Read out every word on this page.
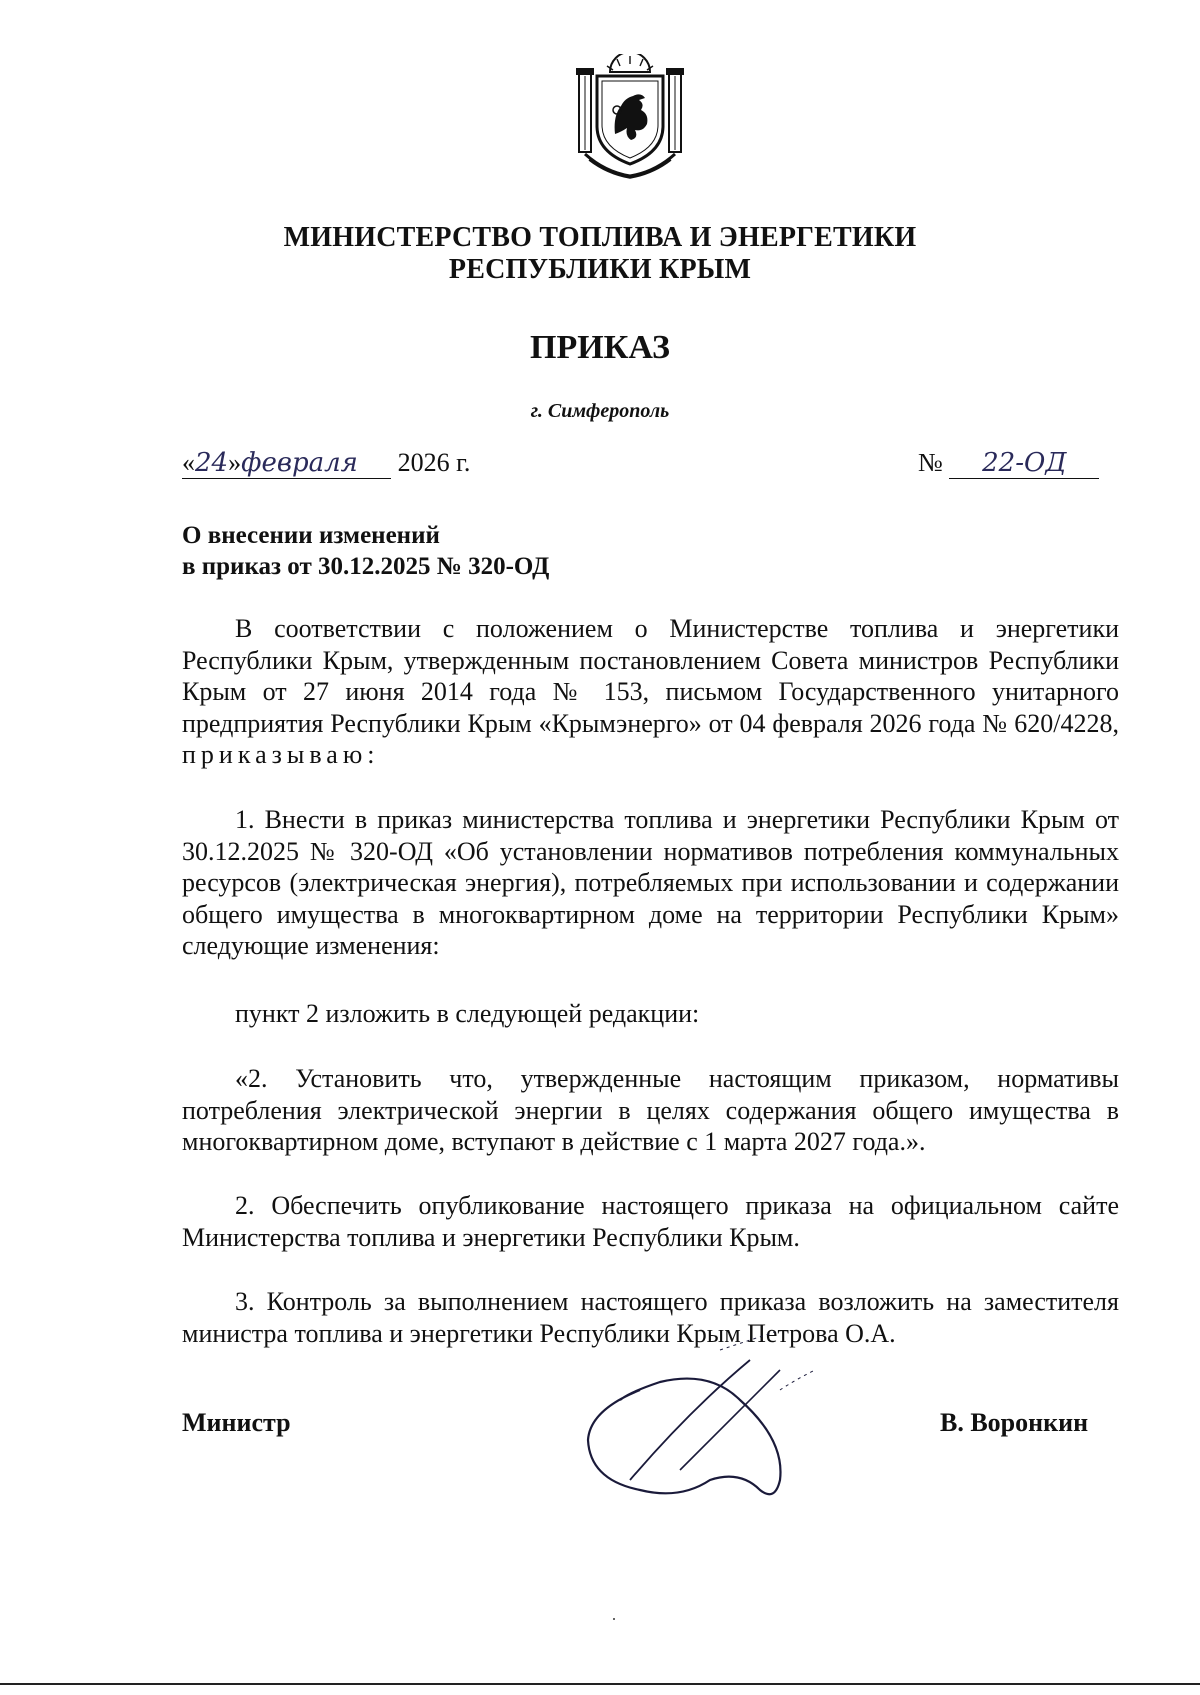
МИНИСТЕРСТВО ТОПЛИВА И ЭНЕРГЕТИКИ
РЕСПУБЛИКИ КРЫМ
ПРИКАЗ
г. Симферополь
«24»февраля 2026 г.	№ 22-ОД
О внесении изменений
в приказ от 30.12.2025 № 320-ОД

В соответствии с положением о Министерстве топлива и энергетики Республики Крым, утвержденным постановлением Совета министров Республики Крым от 27 июня 2014 года № 153, письмом Государственного унитарного предприятия Республики Крым «Крымэнерго» от 04 февраля 2026 года № 620/4228, приказываю:

1. Внести в приказ министерства топлива и энергетики Республики Крым от 30.12.2025 № 320-ОД «Об установлении нормативов потребления коммунальных ресурсов (электрическая энергия), потребляемых при использовании и содержании общего имущества в многоквартирном доме на территории Республики Крым» следующие изменения:

пункт 2 изложить в следующей редакции:

«2. Установить что, утвержденные настоящим приказом, нормативы потребления электрической энергии в целях содержания общего имущества в многоквартирном доме, вступают в действие с 1 марта 2027 года.».

2. Обеспечить опубликование настоящего приказа на официальном сайте Министерства топлива и энергетики Республики Крым.

3. Контроль за выполнением настоящего приказа возложить на заместителя министра топлива и энергетики Республики Крым Петрова О.А.

Министр	В. Воронкин
